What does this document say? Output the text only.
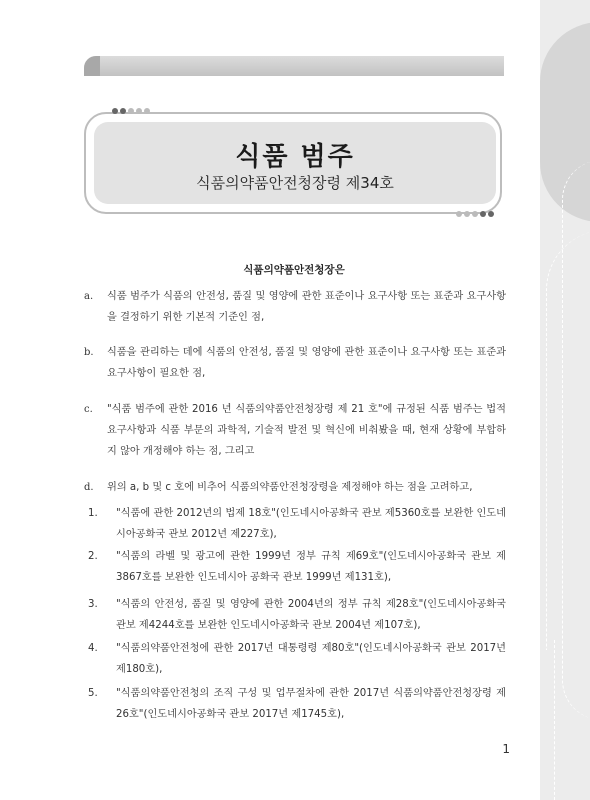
식품 범주
식품의약품안전청장령 제34호
식품의약품안전청장은
a. 식품 범주가 식품의 안전성, 품질 및 영양에 관한 표준이나 요구사항 또는 표준과 요구사항을 결정하기 위한 기본적 기준인 점,
b. 식품을 관리하는 데에 식품의 안전성, 품질 및 영양에 관한 표준이나 요구사항 또는 표준과 요구사항이 필요한 점,
c. "식품 범주에 관한 2016 년 식품의약품안전청장령 제 21 호"에 규정된 식품 범주는 법적 요구사항과 식품 부문의 과학적, 기술적 발전 및 혁신에 비춰봤을 때, 현재 상황에 부합하지 않아 개정해야 하는 점, 그리고
d. 위의 a, b 및 c 호에 비추어 식품의약품안전청장령을 제정해야 하는 점을 고려하고,
1. "식품에 관한 2012년의 법제 18호"(인도네시아공화국 관보 제5360호를 보완한 인도네시아공화국 관보 2012년 제227호),
2. "식품의 라벨 및 광고에 관한 1999년 정부 규칙 제69호"(인도네시아공화국 관보 제3867호를 보완한 인도네시아 공화국 관보 1999년 제131호),
3. "식품의 안전성, 품질 및 영양에 관한 2004년의 정부 규칙 제28호"(인도네시아공화국 관보 제4244호를 보완한 인도네시아공화국 관보 2004년 제107호),
4. "식품의약품안전청에 관한 2017년 대통령령 제80호"(인도네시아공화국 관보 2017년 제180호),
5. "식품의약품안전청의 조직 구성 및 업무절차에 관한 2017년 식품의약품안전청장령 제26호"(인도네시아공화국 관보 2017년 제1745호),
1
